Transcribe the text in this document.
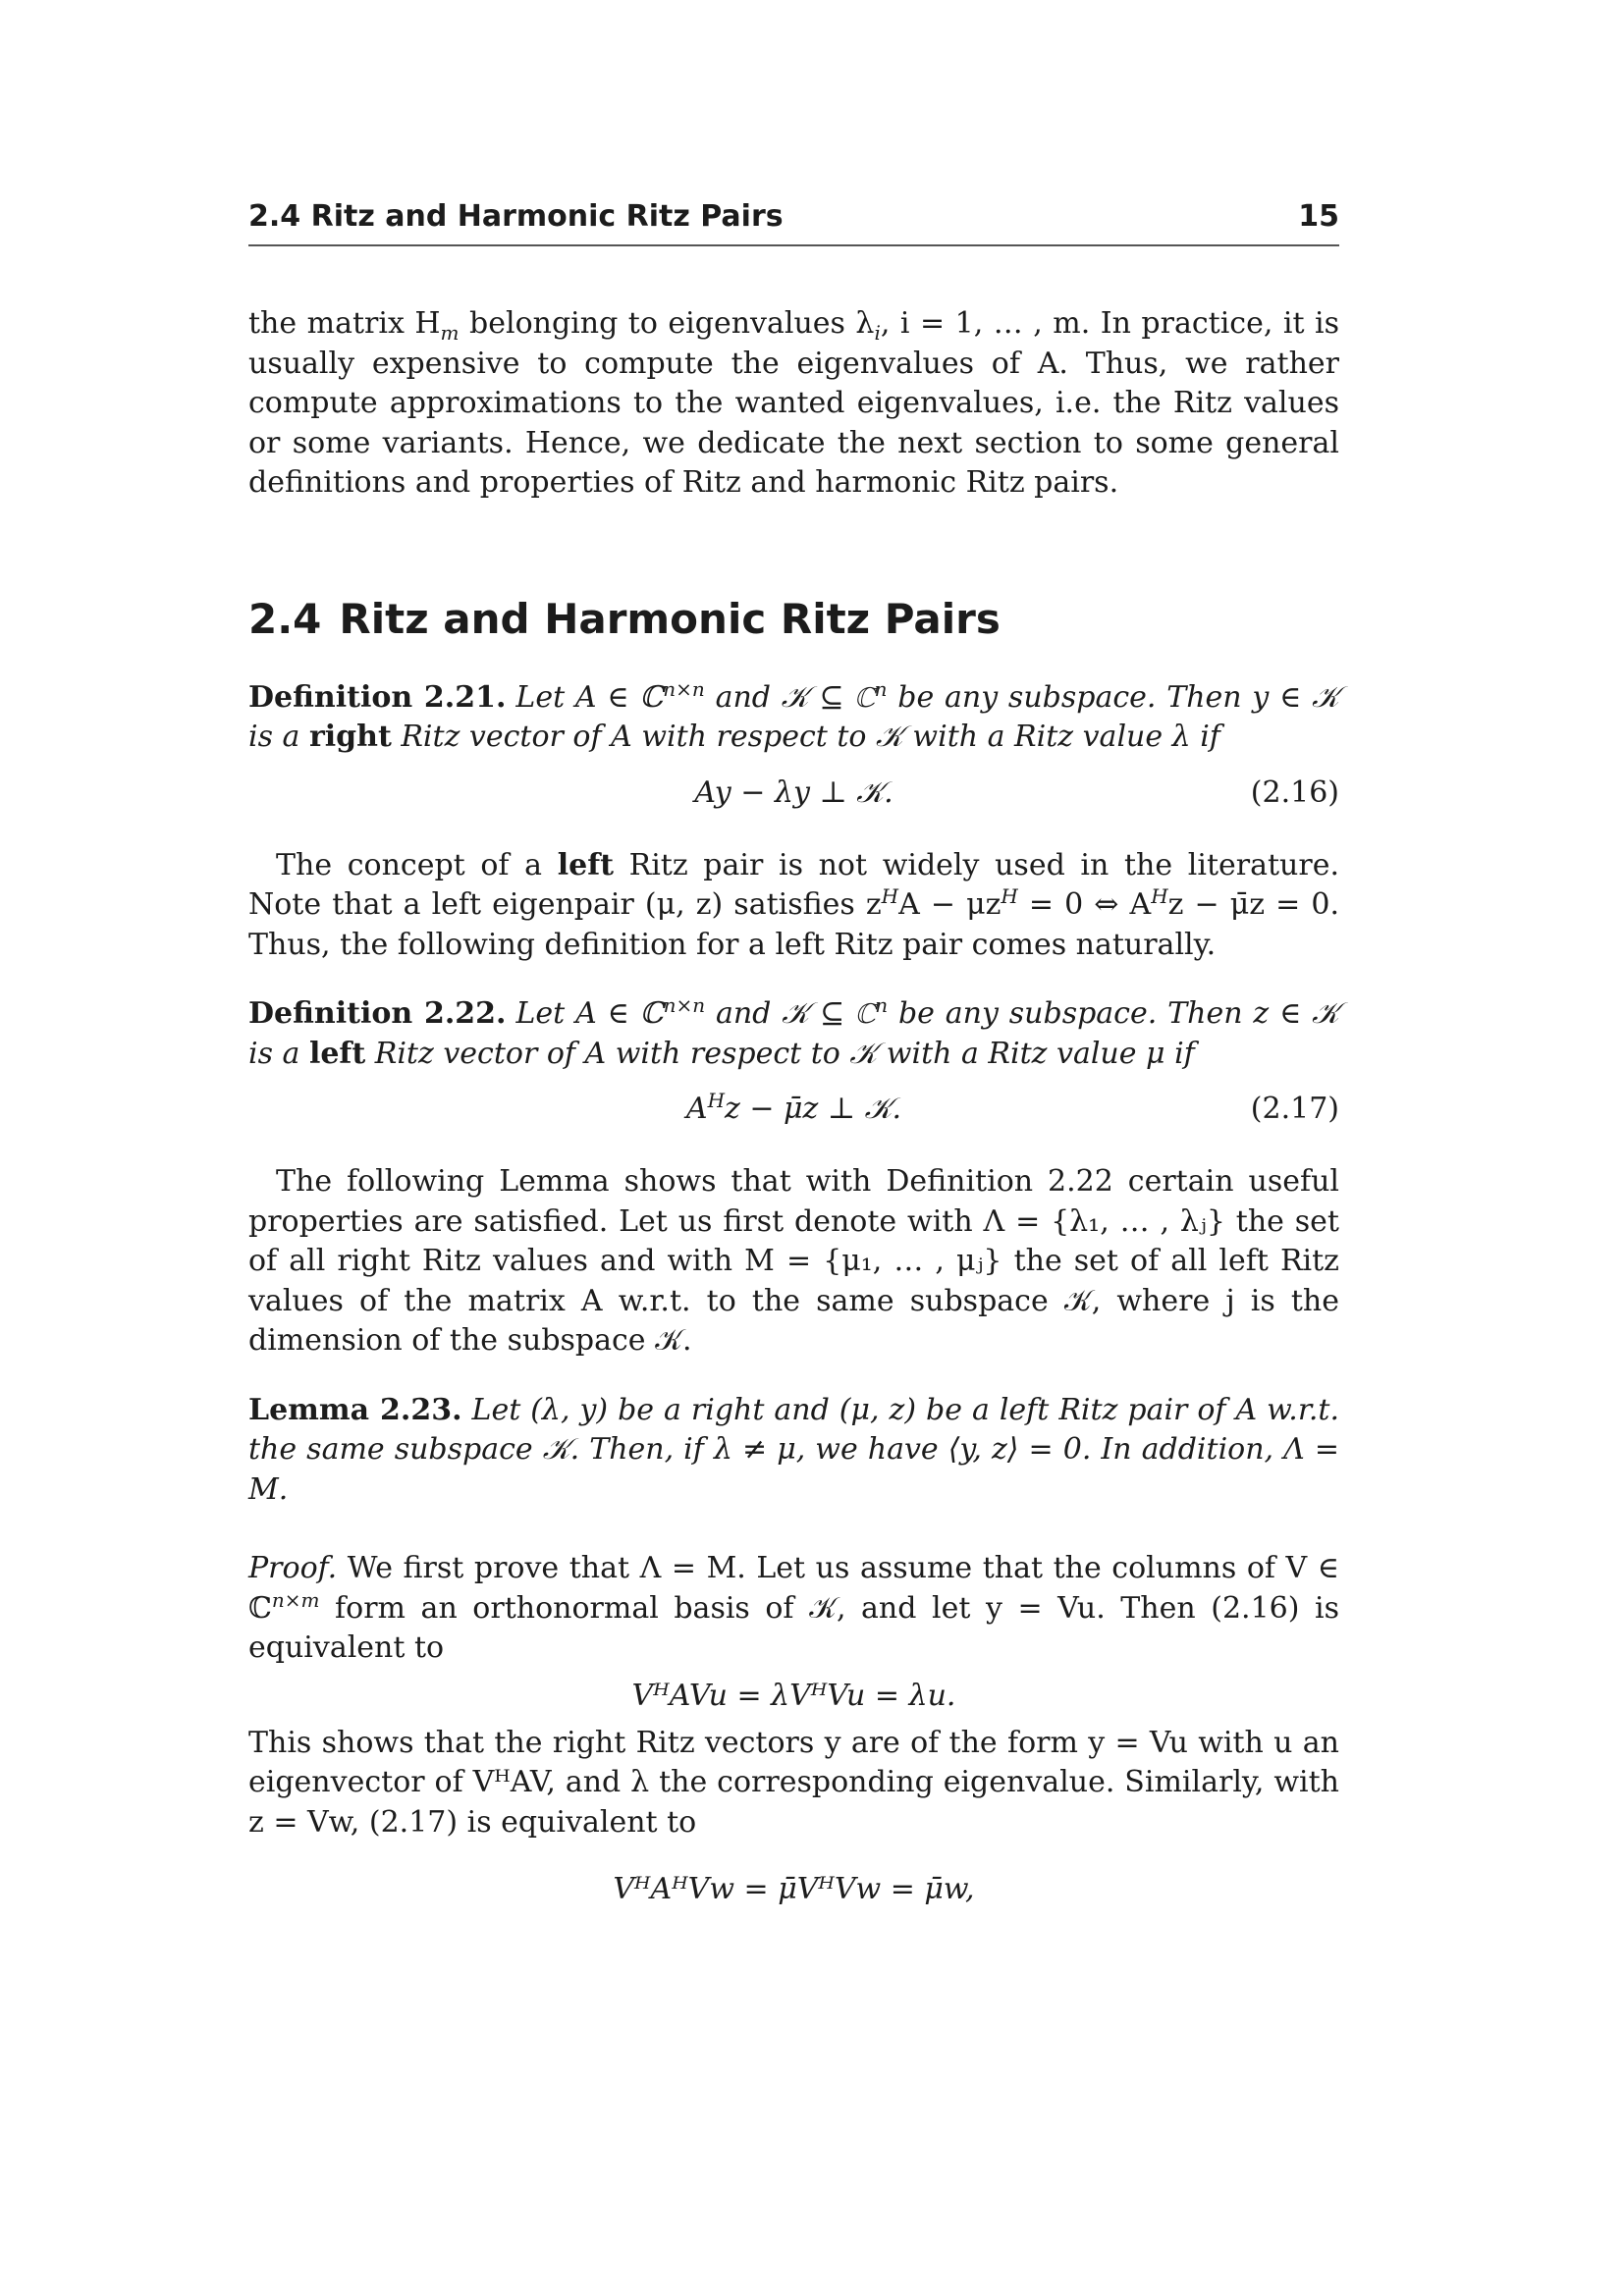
2.4 Ritz and Harmonic Ritz Pairs	15

the matrix $H_m$ belonging to eigenvalues $\lambda_i$, i = 1, … , m. In practice, it is usually expensive to compute the eigenvalues of A. Thus, we rather compute approximations to the wanted eigenvalues, i.e. the Ritz values or some variants. Hence, we dedicate the next section to some general definitions and properties of Ritz and harmonic Ritz pairs.

2.4 Ritz and Harmonic Ritz Pairs

Definition 2.21. Let A ∈ ℂ$^{n\times n}$ and 𝒦 ⊆ ℂ$^n$ be any subspace. Then y ∈ 𝒦 is a right Ritz vector of A with respect to 𝒦 with a Ritz value λ if

Ay − λy ⊥ 𝒦.	(2.16)

The concept of a left Ritz pair is not widely used in the literature. Note that a left eigenpair (μ, z) satisfies $z^HA - \mu z^H = 0$ ⇔ $A^Hz$ − μ̄z = 0. Thus, the following definition for a left Ritz pair comes naturally.

Definition 2.22. Let A ∈ ℂ$^{n\times n}$ and 𝒦 ⊆ ℂ$^n$ be any subspace. Then z ∈ 𝒦 is a left Ritz vector of A with respect to 𝒦 with a Ritz value μ if

$A^Hz$ − μ̄z ⊥ 𝒦.	(2.17)

The following Lemma shows that with Definition 2.22 certain useful properties are satisfied. Let us first denote with Λ = {λ₁, … , λⱼ} the set of all right Ritz values and with M = {μ₁, … , μⱼ} the set of all left Ritz values of the matrix A w.r.t. to the same subspace 𝒦, where j is the dimension of the subspace 𝒦.

Lemma 2.23. Let (λ, y) be a right and (μ, z) be a left Ritz pair of A w.r.t. the same subspace 𝒦. Then, if λ ≠ μ, we have ⟨y, z⟩ = 0. In addition, Λ = M.

Proof. We first prove that Λ = M. Let us assume that the columns of V ∈ ℂ$^{n\times m}$ form an orthonormal basis of 𝒦, and let y = Vu. Then (2.16) is equivalent to

VᴴAVu = λVᴴVu = λu.

This shows that the right Ritz vectors y are of the form y = Vu with u an eigenvector of VᴴAV, and λ the corresponding eigenvalue. Similarly, with z = Vw, (2.17) is equivalent to

VᴴAᴴVw = μ̄VᴴVw = μ̄w,
